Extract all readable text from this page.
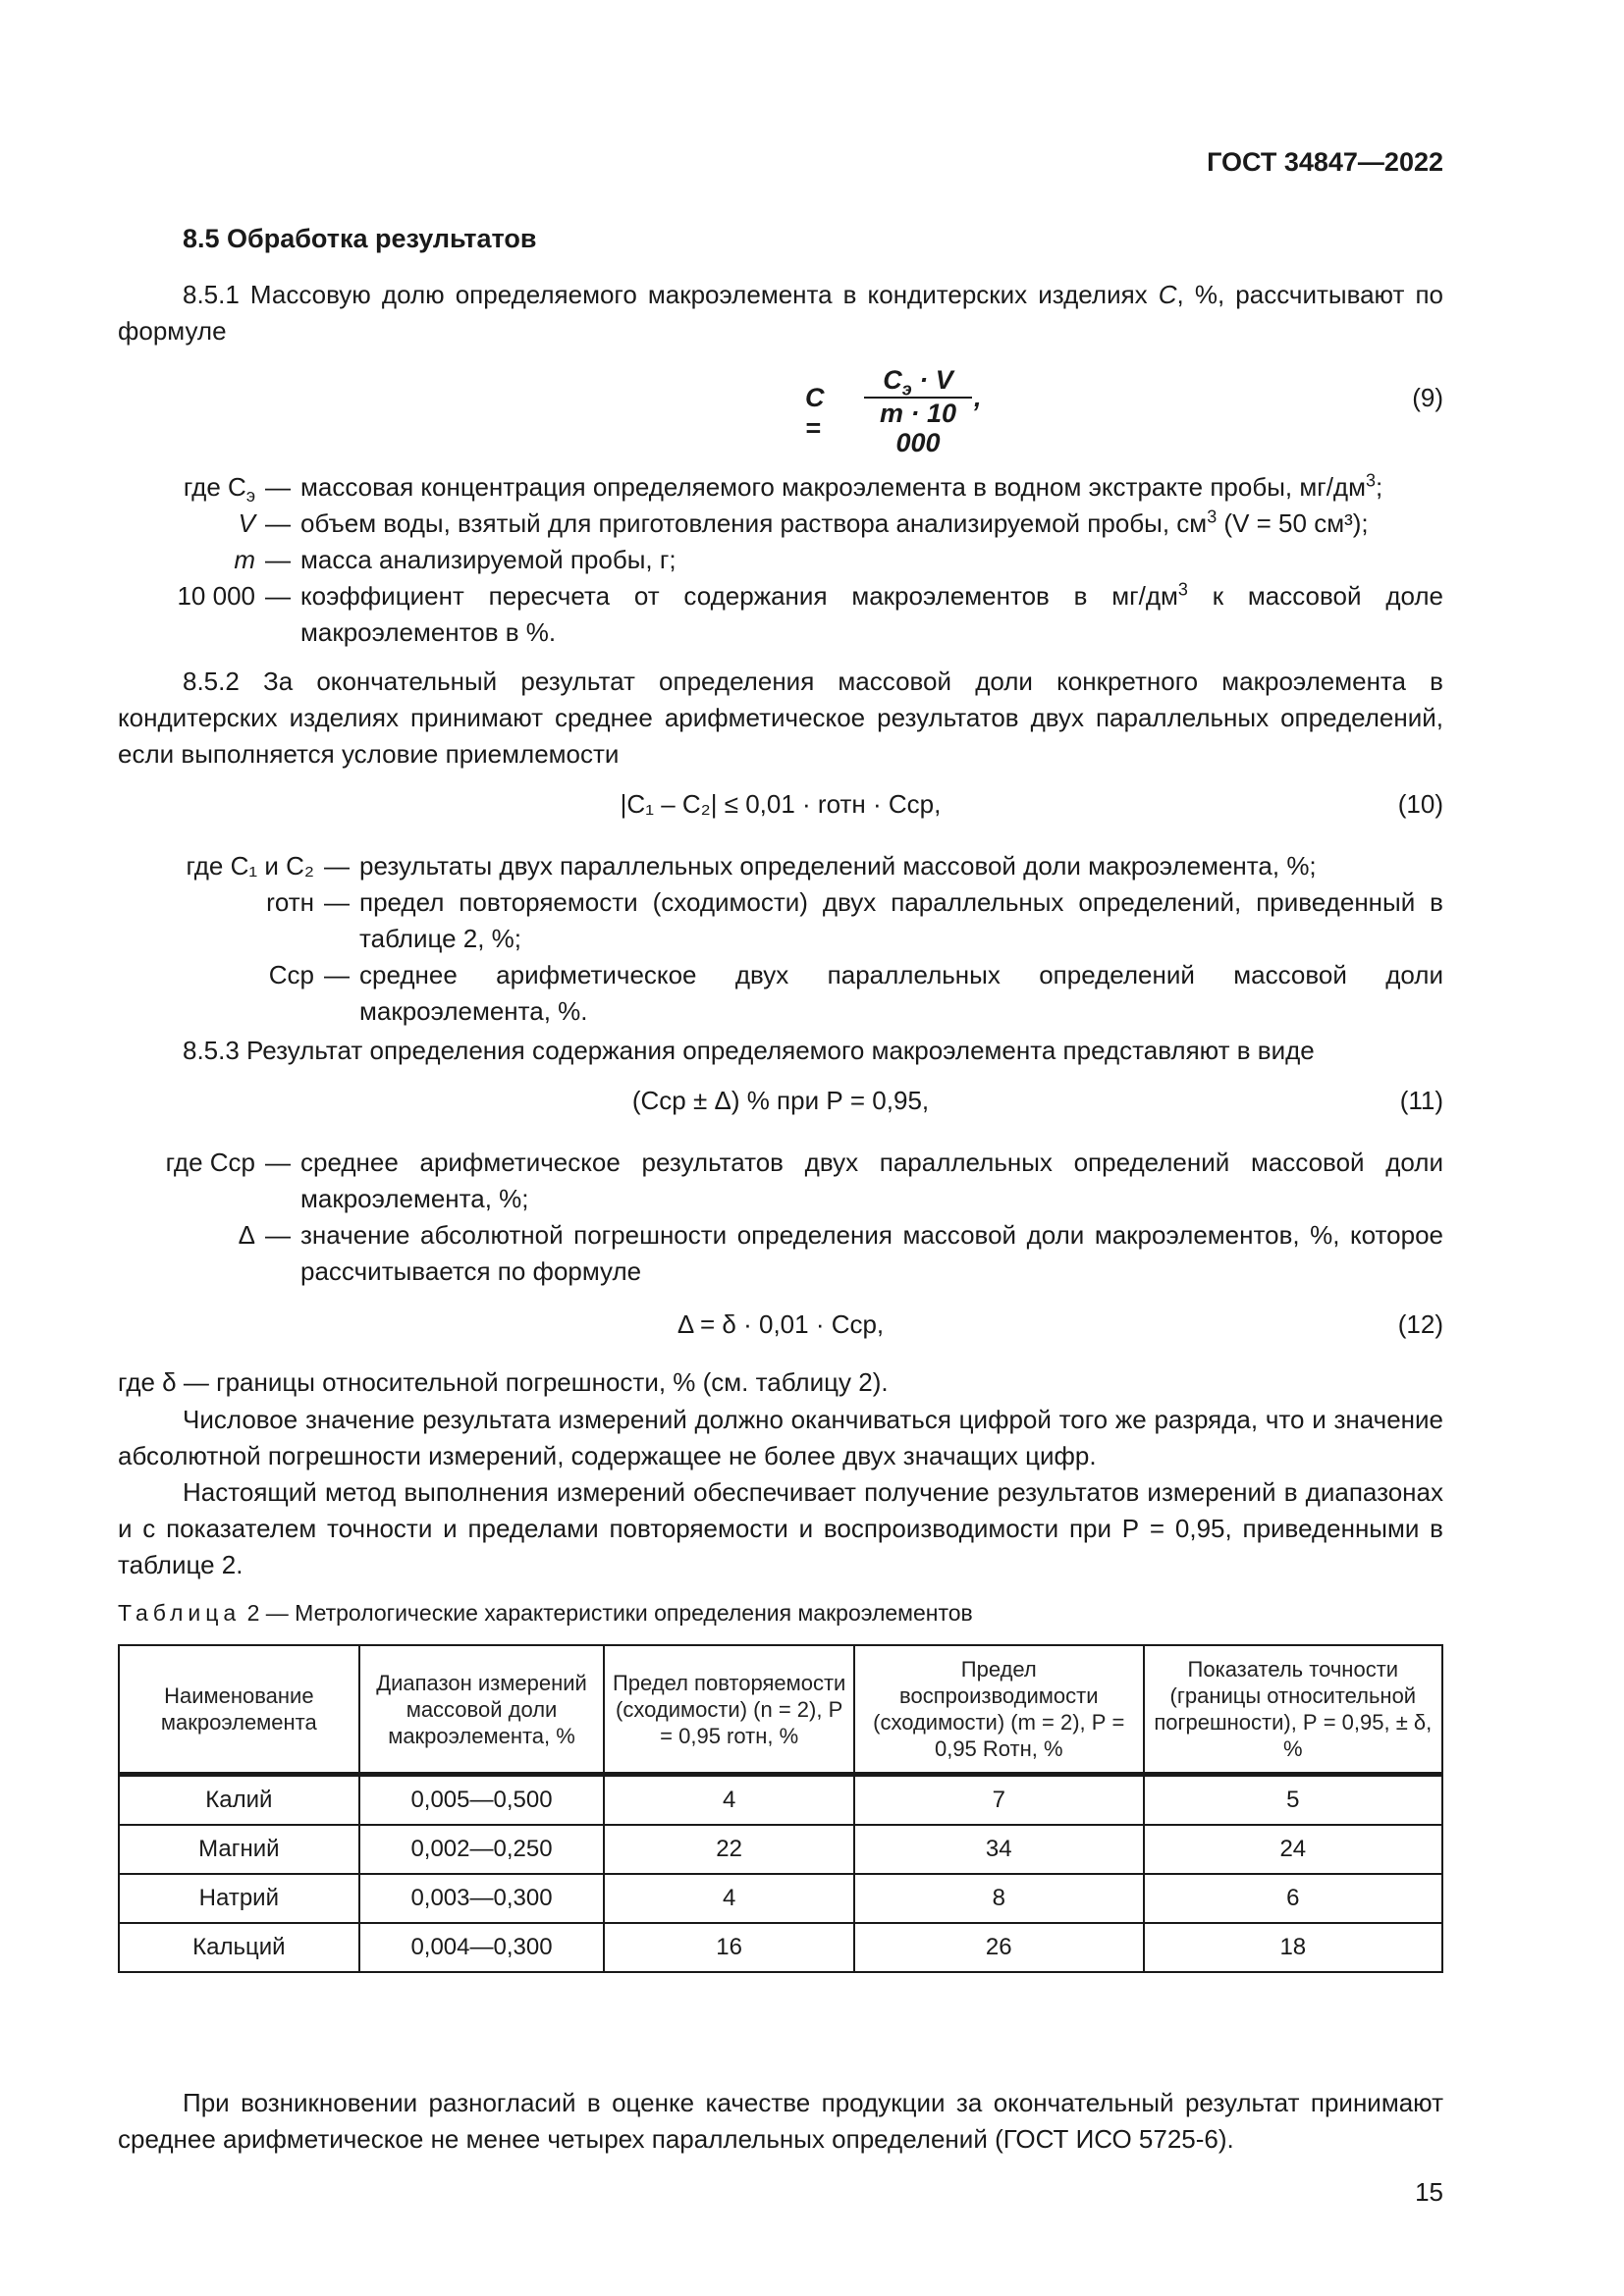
ГОСТ 34847—2022
8.5 Обработка результатов

8.5.1 Массовую долю определяемого макроэлемента в кондитерских изделиях С, %, рассчитывают по формуле

С =
$С_э \cdot V$
m · 10 000
,	(9)
где $С_э$ — массовая концентрация определяемого макроэлемента в водном экстракте пробы, $мг/дм^3$;
V — объем воды, взятый для приготовления раствора анализируемой пробы, $см^3$ (V = 50 см³);
m — масса анализируемой пробы, г;
10 000 — коэффициент пересчета от содержания макроэлементов в $мг/дм^3$ к массовой доле макроэлементов в %.

8.5.2 За окончательный результат определения массовой доли конкретного макроэлемента в кондитерских изделиях принимают среднее арифметическое результатов двух параллельных определений, если выполняется условие приемлемости

|C₁ – C₂| ≤ 0,01 · rотн · Сср,	(10)
где С₁ и С₂ — результаты двух параллельных определений массовой доли макроэлемента, %;
rотн — предел повторяемости (сходимости) двух параллельных определений, приведенный в таблице 2, %;
Сср — среднее арифметическое двух параллельных определений массовой доли макроэлемента, %.

8.5.3 Результат определения содержания определяемого макроэлемента представляют в виде

(Сср ± Δ) % при Р = 0,95,	(11)
где Сср — среднее арифметическое результатов двух параллельных определений массовой доли макроэлемента, %;
Δ — значение абсолютной погрешности определения массовой доли макроэлементов, %, которое рассчитывается по формуле
Δ = δ · 0,01 · Сср,	(12)

где δ — границы относительной погрешности, % (см. таблицу 2).

Числовое значение результата измерений должно оканчиваться цифрой того же разряда, что и значение абсолютной погрешности измерений, содержащее не более двух значащих цифр.

Настоящий метод выполнения измерений обеспечивает получение результатов измерений в диапазонах и с показателем точности и пределами повторяемости и воспроизводимости при Р = 0,95, приведенными в таблице 2.

Таблица 2 — Метрологические характеристики определения макроэлементов
Наименование макроэлемента	Диапазон измерений массовой доли макроэлемента, %	Предел повторяемости (сходимости) (n = 2), Р = 0,95 rотн, %	Предел воспроизводимости (сходимости) (m = 2), Р = 0,95 Rотн, %	Показатель точности (границы относительной погрешности), Р = 0,95, ± δ, %
Калий	0,005—0,500	4	7	5
Магний	0,002—0,250	22	34	24
Натрий	0,003—0,300	4	8	6
Кальций	0,004—0,300	16	26	18

При возникновении разногласий в оценке качестве продукции за окончательный результат принимают среднее арифметическое не менее четырех параллельных определений (ГОСТ ИСО 5725-6).

15
